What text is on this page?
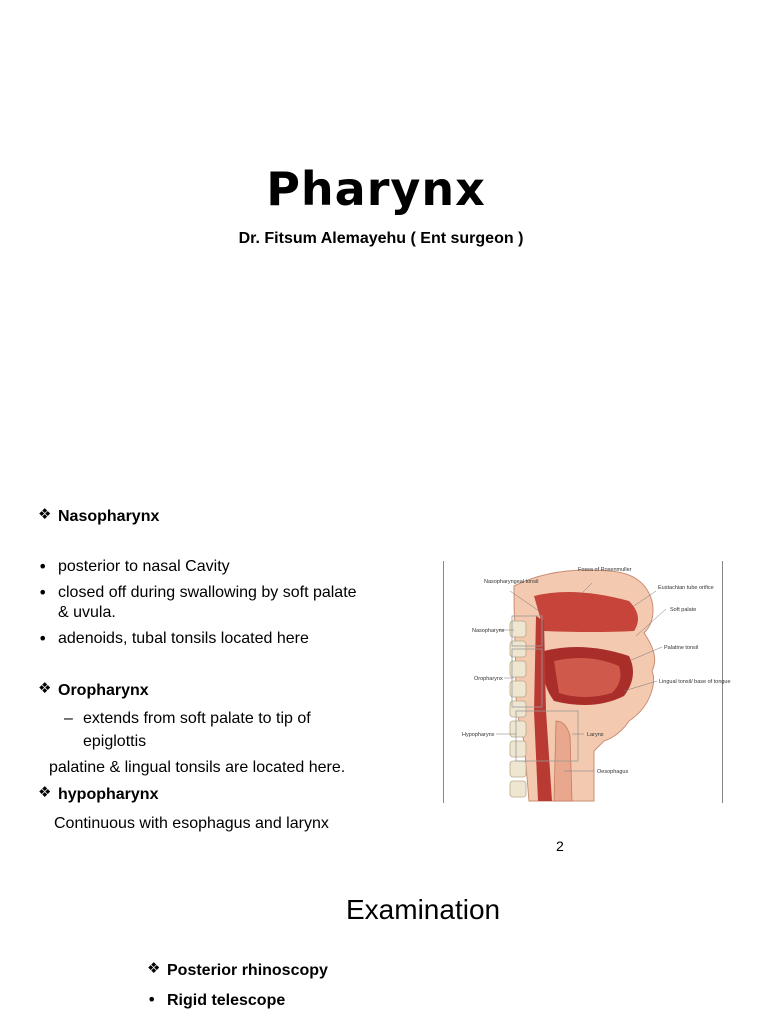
Pharynx
Dr. Fitsum Alemayehu ( Ent surgeon )
❖ Nasopharynx
• posterior to nasal Cavity
• closed off during swallowing by soft palate
& uvula.
• adenoids, tubal tonsils located here
❖ Oropharynx
– extends from soft palate to tip of
epiglottis
palatine & lingual tonsils are located here.
❖ hypopharynx
Continuous with esophagus and larynx
Fossa of Rosenmuller
Nasopharyngeal tonsil
Eustachian tube orifice
Soft palate
Nasopharynx
Palatine tonsil
Oropharynx	Lingual tonsil/ base of tongue
Hypopharynx	Larynx
Oesophagus
2
Examination
❖ Posterior rhinoscopy
• Rigid telescope
